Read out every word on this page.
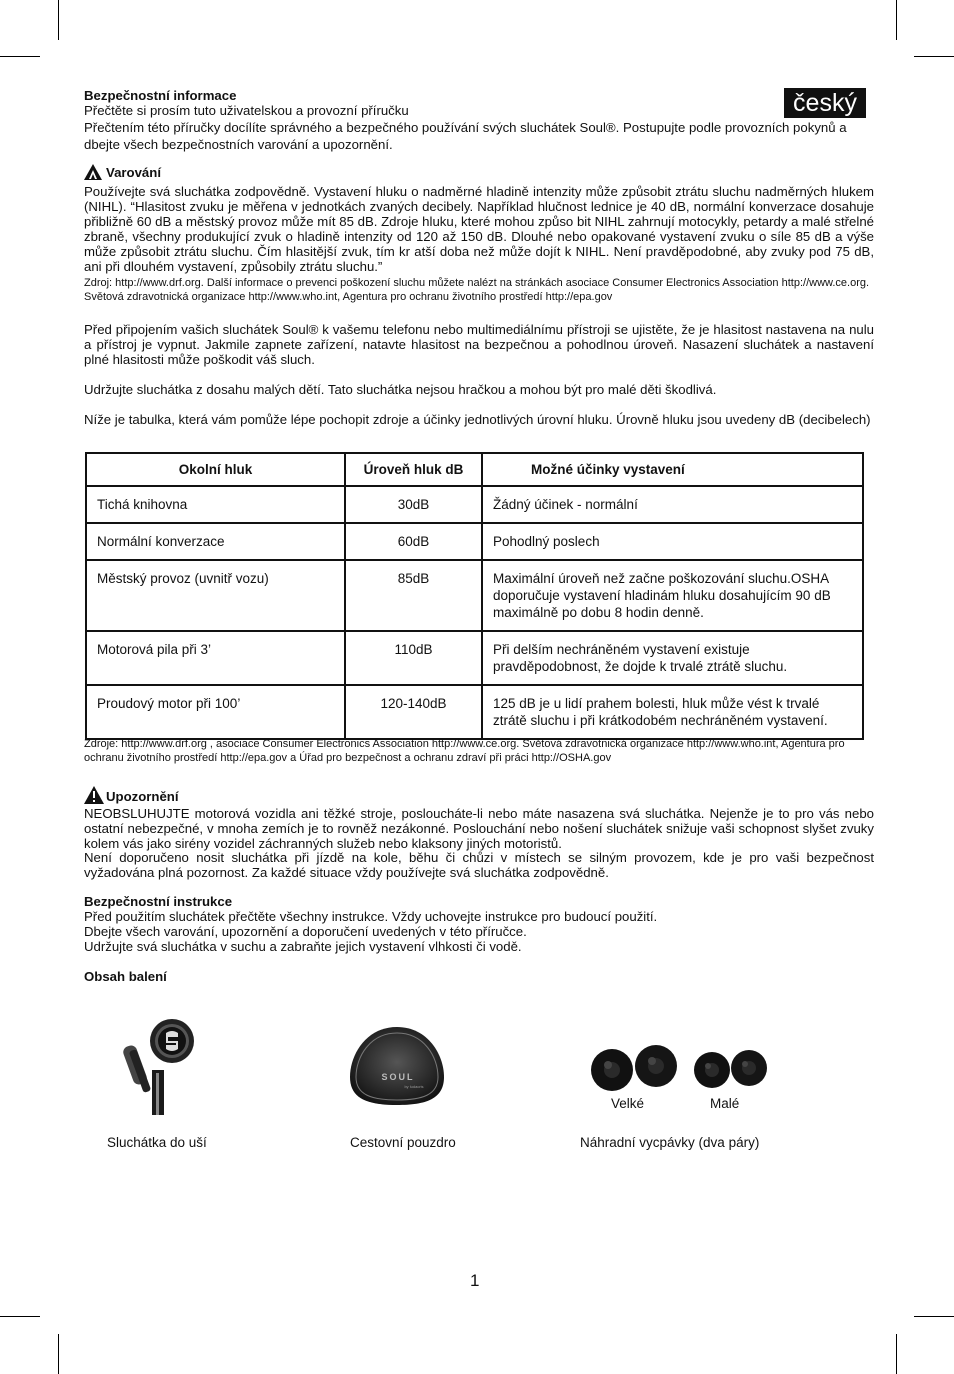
český

Bezpečnostní informace
Přečtěte si prosím tuto uživatelskou a provozní příručku

Přečtením této příručky docílíte správného a bezpečného používání svých sluchátek Soul®. Postupujte podle provozních pokynů a dbejte všech bezpečnostních varování a upozornění.

Varování

Používejte svá sluchátka zodpovědně. Vystavení hluku o nadměrné hladině intenzity může způsobit ztrátu sluchu nadměrných hlukem (NIHL). “Hlasitost zvuku je měřena v jednotkách zvaných decibely. Například hlučnost lednice je 40 dB, normální konverzace dosahuje přibližně 60 dB a městský provoz může mít 85 dB. Zdroje hluku, které mohou způso bit NIHL zahrnují motocykly, petardy a malé střelné zbraně, všechny produkující zvuk o hladině intenzity od 120 až 150 dB. Dlouhé nebo opakované vystavení zvuku o síle 85 dB a výše může způsobit ztrátu sluchu. Čím hlasitější zvuk, tím kr atší doba než může dojít k NIHL. Není pravděpodobné, aby zvuky pod 75 dB, ani při dlouhém vystavení, způsobily ztrátu sluchu.”

Zdroj: http://www.drf.org. Další informace o prevenci poškození sluchu můžete nalézt na stránkách asociace Consumer Electronics Association http://www.ce.org. Světová zdravotnická organizace http://www.who.int, Agentura pro ochranu životního prostředí http://epa.gov

Před připojením vašich sluchátek Soul® k vašemu telefonu nebo multimediálnímu přístroji se ujistěte, že je hlasitost nastavena na nulu a přístroj je vypnut. Jakmile zapnete zařízení, natavte hlasitost na bezpečnou a pohodlnou úroveň. Nasazení sluchátek a nastavení plné hlasitosti může poškodit váš sluch.

Udržujte sluchátka z dosahu malých dětí. Tato sluchátka nejsou hračkou a mohou být pro malé děti škodlivá.

Níže je tabulka, která vám pomůže lépe pochopit zdroje a účinky jednotlivých úrovní hluku. Úrovně hluku jsou uvedeny dB (decibelech)

Okolní hluk	Úroveň hluk dB	Možné účinky vystavení
Tichá knihovna	30dB	Žádný účinek - normální
Normální konverzace	60dB	Pohodlný poslech
Městský provoz (uvnitř vozu)	85dB	Maximální úroveň než začne poškozování sluchu.OSHA doporučuje vystavení hladinám hluku dosahujícím 90 dB maximálně po dobu 8 hodin denně.
Motorová pila při 3’	110dB	Při delším nechráněném vystavení existuje pravděpodobnost, že dojde k trvalé ztrátě sluchu.
Proudový motor při 100’	120-140dB	125 dB je u lidí prahem bolesti, hluk může vést k trvalé ztrátě sluchu i při krátkodobém nechráněném vystavení.

Zdroje: http://www.drf.org , asociace Consumer Electronics Association http://www.ce.org. Světová zdravotnická organizace http://www.who.int, Agentura pro ochranu životního prostředí http://epa.gov a Úřad pro bezpečnost a ochranu zdraví při práci http://OSHA.gov

Upozornění

NEOBSLUHUJTE motorová vozidla ani těžké stroje, posloucháte-li nebo máte nasazena svá sluchátka. Nejenže je to pro vás nebo ostatní nebezpečné, v mnoha zemích je to rovněž nezákonné. Poslouchání nebo nošení sluchátek snižuje vaši schopnost slyšet zvuky kolem vás jako sirény vozidel záchranných služeb nebo klaksony jiných motoristů.

Není doporučeno nosit sluchátka při jízdě na kole, běhu či chůzi v místech se silným provozem, kde je pro vaši bezpečnost vyžadována plná pozornost. Za každé situace vždy používejte svá sluchátka zodpovědně.

Bezpečnostní instrukce
Před použitím sluchátek přečtěte všechny instrukce. Vždy uchovejte instrukce pro budoucí použití.
Dbejte všech varování, upozornění a doporučení uvedených v této příručce.
Udržujte svá sluchátka v suchu a zabraňte jejich vystavení vlhkosti či vodě.

Obsah balení

SOUL
by ludacris
Velké	Malé
Sluchátka do uší	Cestovní pouzdro	Náhradní vycpávky (dva páry)
1
